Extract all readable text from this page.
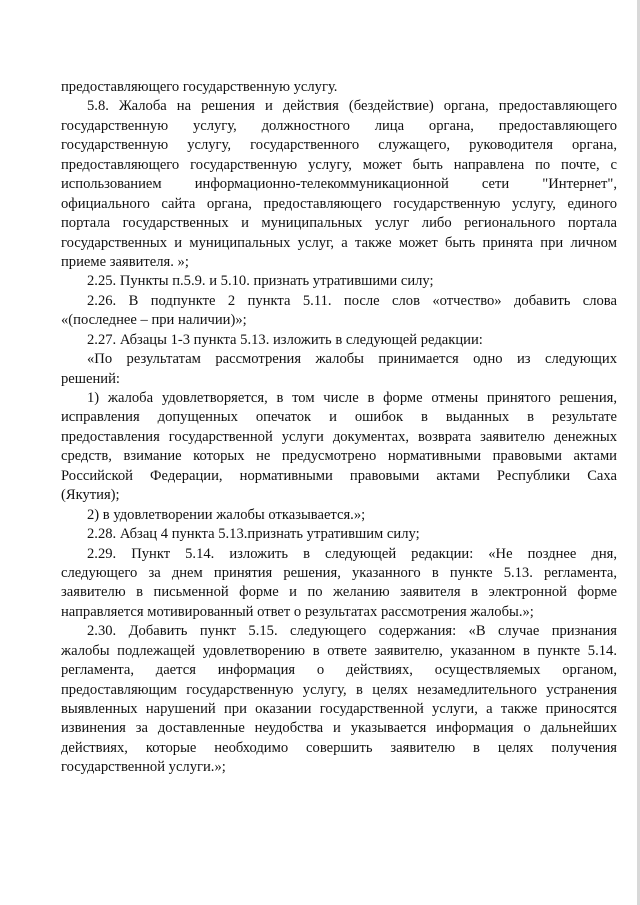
предоставляющего государственную услугу.
5.8. Жалоба на решения и действия (бездействие) органа, предоставляющего
государственную услугу, должностного лица органа, предоставляющего
государственную услугу, государственного служащего, руководителя органа,
предоставляющего государственную услугу, может быть направлена по почте, с
использованием информационно-телекоммуникационной сети "Интернет",
официального сайта органа, предоставляющего государственную услугу, единого
портала государственных и муниципальных услуг либо регионального портала
государственных и муниципальных услуг, а также может быть принята при личном
приеме заявителя. »;
2.25. Пункты п.5.9. и 5.10. признать утратившими силу;
2.26. В подпункте 2 пункта 5.11. после слов «отчество» добавить слова
«(последнее – при наличии)»;
2.27. Абзацы 1-3 пункта 5.13. изложить в следующей редакции:
«По результатам рассмотрения жалобы принимается одно из следующих
решений:
1) жалоба удовлетворяется, в том числе в форме отмены принятого решения,
исправления допущенных опечаток и ошибок в выданных в результате
предоставления государственной услуги документах, возврата заявителю денежных
средств, взимание которых не предусмотрено нормативными правовыми актами
Российской Федерации, нормативными правовыми актами Республики Саха
(Якутия);
2) в удовлетворении жалобы отказывается.»;
2.28. Абзац 4 пункта 5.13.признать утратившим силу;
2.29. Пункт 5.14. изложить в следующей редакции: «Не позднее дня,
следующего за днем принятия решения, указанного в пункте 5.13. регламента,
заявителю в письменной форме и по желанию заявителя в электронной форме
направляется мотивированный ответ о результатах рассмотрения жалобы.»;
2.30. Добавить пункт 5.15. следующего содержания: «В случае признания
жалобы подлежащей удовлетворению в ответе заявителю, указанном в пункте 5.14.
регламента, дается информация о действиях, осуществляемых органом,
предоставляющим государственную услугу, в целях незамедлительного устранения
выявленных нарушений при оказании государственной услуги, а также приносятся
извинения за доставленные неудобства и указывается информация о дальнейших
действиях, которые необходимо совершить заявителю в целях получения
государственной услуги.»;
